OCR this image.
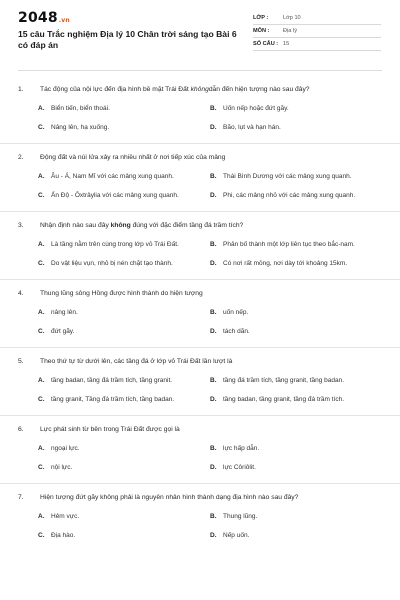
2048.vn
15 câu Trắc nghiệm Địa lý 10 Chân trời sáng tạo Bài 6 có đáp án
LỚP :	Lớp 10
MÔN :	Địa lý
SỐ CÂU : 15
1.	Tác động của nội lực đến địa hình bề mặt Trái Đất khôngdẫn đến hiện tượng nào sau đây?
A.	Biển tiến, biển thoái.	B.	Uốn nếp hoặc đứt gãy.
C.	Nâng lên, hạ xuống.	D.	Bão, lụt và hạn hán.
2.	Động đất và núi lửa xảy ra nhiều nhất ở nơi tiếp xúc của mảng
A.	Âu - Á, Nam Mĩ với các mảng xung quanh.	B.	Thái Bình Dương với các mảng xung quanh.
C.	Ấn Độ - Ôxtrâylia với các mảng xung quanh.	D.	Phi, các mảng nhỏ với các mảng xung quanh.
3.	Nhận định nào sau đây không đúng với đặc điểm tầng đá trầm tích?
A.	Là tầng nằm trên cùng trong lớp vỏ Trái Đất.	B.	Phân bố thành một lớp liên tục theo bắc-nam.
C.	Do vật liệu vụn, nhỏ bị nén chặt tạo thành.	D.	Có nơi rất mỏng, nơi dày tới khoảng 15km.
4.	Thung lũng sông Hồng được hình thành do hiện tượng
A.	nâng lên.	B.	uốn nếp.
C.	đứt gãy.	D.	tách dãn.
5.	Theo thứ tự từ dưới lên, các tầng đá ở lớp vỏ Trái Đất lần lượt là
A.	tầng badan, tầng đá trầm tích, tầng granit.	B.	tầng đá trầm tích, tầng granit, tầng badan.
C.	tầng granit, Tầng đá trầm tích, tầng badan.	D.	tầng badan, tầng granit, tầng đá trầm tích.
6.	Lực phát sinh từ bên trong Trái Đất được gọi là
A.	ngoại lực.	B.	lực hấp dẫn.
C.	nội lực.	D.	lực Côriôlit.
7.	Hiện tượng đứt gãy không phải là nguyên nhân hình thành dạng địa hình nào sau đây?
A.	Hẻm vực.	B.	Thung lũng.
C.	Địa hào.	D.	Nếp uốn.
